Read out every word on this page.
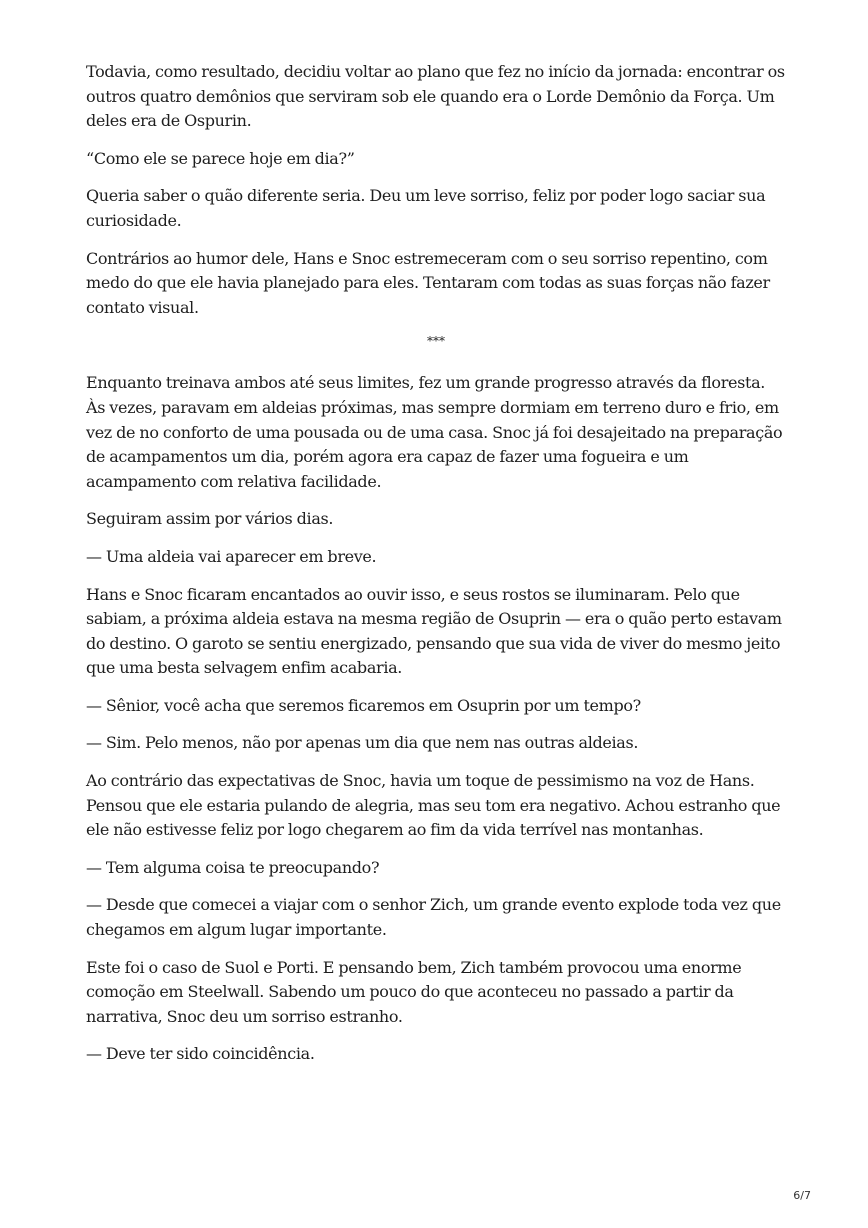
Todavia, como resultado, decidiu voltar ao plano que fez no início da jornada: encontrar os outros quatro demônios que serviram sob ele quando era o Lorde Demônio da Força. Um deles era de Ospurin.

“Como ele se parece hoje em dia?”

Queria saber o quão diferente seria. Deu um leve sorriso, feliz por poder logo saciar sua curiosidade.

Contrários ao humor dele, Hans e Snoc estremeceram com o seu sorriso repentino, com medo do que ele havia planejado para eles. Tentaram com todas as suas forças não fazer contato visual.

***

Enquanto treinava ambos até seus limites, fez um grande progresso através da floresta. Às vezes, paravam em aldeias próximas, mas sempre dormiam em terreno duro e frio, em vez de no conforto de uma pousada ou de uma casa. Snoc já foi desajeitado na preparação de acampamentos um dia, porém agora era capaz de fazer uma fogueira e um acampamento com relativa facilidade.

Seguiram assim por vários dias.

— Uma aldeia vai aparecer em breve.

Hans e Snoc ficaram encantados ao ouvir isso, e seus rostos se iluminaram. Pelo que sabiam, a próxima aldeia estava na mesma região de Osuprin — era o quão perto estavam do destino. O garoto se sentiu energizado, pensando que sua vida de viver do mesmo jeito que uma besta selvagem enfim acabaria.

— Sênior, você acha que seremos ficaremos em Osuprin por um tempo?

— Sim. Pelo menos, não por apenas um dia que nem nas outras aldeias.

Ao contrário das expectativas de Snoc, havia um toque de pessimismo na voz de Hans. Pensou que ele estaria pulando de alegria, mas seu tom era negativo. Achou estranho que ele não estivesse feliz por logo chegarem ao fim da vida terrível nas montanhas.

— Tem alguma coisa te preocupando?

— Desde que comecei a viajar com o senhor Zich, um grande evento explode toda vez que chegamos em algum lugar importante.

Este foi o caso de Suol e Porti. E pensando bem, Zich também provocou uma enorme comoção em Steelwall. Sabendo um pouco do que aconteceu no passado a partir da narrativa, Snoc deu um sorriso estranho.

— Deve ter sido coincidência.

6/7
